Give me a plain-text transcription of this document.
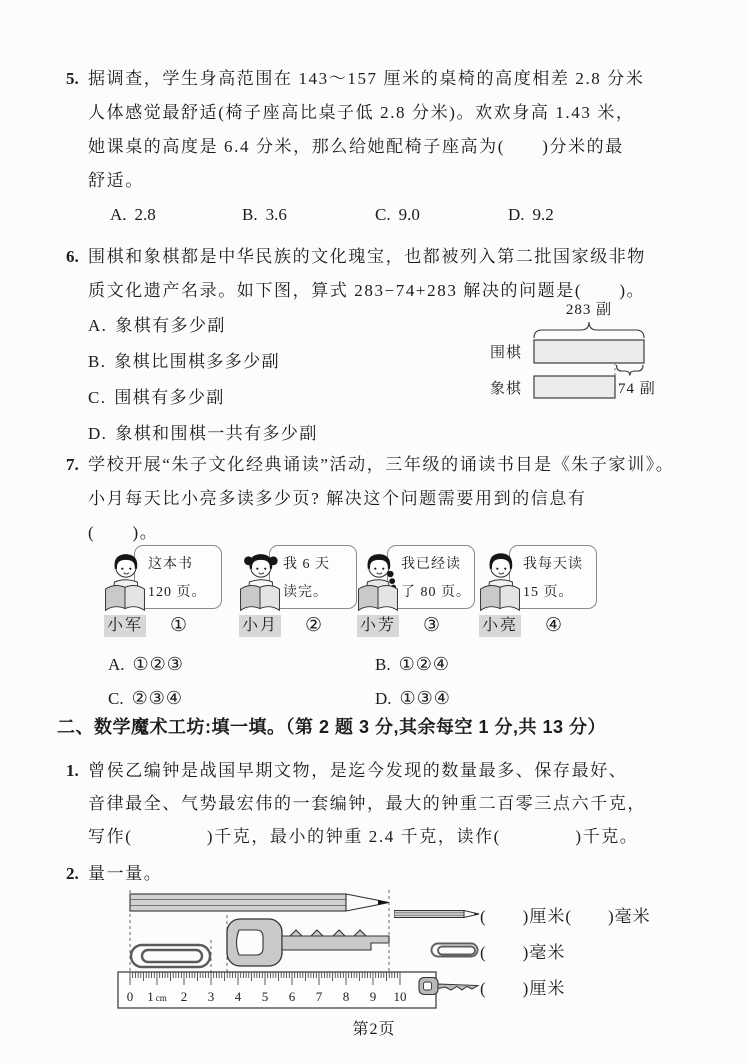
5. 据调查，学生身高范围在 143～157 厘米的桌椅的高度相差 2.8 分米
人体感觉最舒适(椅子座高比桌子低 2.8 分米)。欢欢身高 1.43 米，
她课桌的高度是 6.4 分米，那么给她配椅子座高为(　　)分米的最
舒适。
A. 2.8	B. 3.6	C. 9.0	D. 9.2
6. 围棋和象棋都是中华民族的文化瑰宝，也都被列入第二批国家级非物
质文化遗产名录。如下图，算式 283−74+283 解决的问题是(　　)。
A. 象棋有多少副
B. 象棋比围棋多多少副
C. 围棋有多少副
D. 象棋和围棋一共有多少副
283 副
围棋
象棋	74 副
7. 学校开展“朱子文化经典诵读”活动，三年级的诵读书目是《朱子家训》。
小月每天比小亮多读多少页? 解决这个问题需要用到的信息有
(　　)。
这本书
120 页。
小军 ①
我 6 天
读完。
小月 ②
我已经读
了 80 页。
小芳 ③
我每天读
15 页。
小亮 ④
A. ①②③	B. ①②④
C. ②③④	D. ①③④
二、数学魔术工坊:填一填。（第 2 题 3 分,其余每空 1 分,共 13 分）
1. 曾侯乙编钟是战国早期文物，是迄今发现的数量最多、保存最好、
音律最全、气势最宏伟的一套编钟，最大的钟重二百零三点六千克，
写作(　　　　)千克，最小的钟重 2.4 千克，读作(　　　　)千克。
2. 量一量。
0 1 cm 2 3 4 5 6 7 8 9 10
(　　)厘米(　　)毫米
(　　)毫米
(　　)厘米
第2页
